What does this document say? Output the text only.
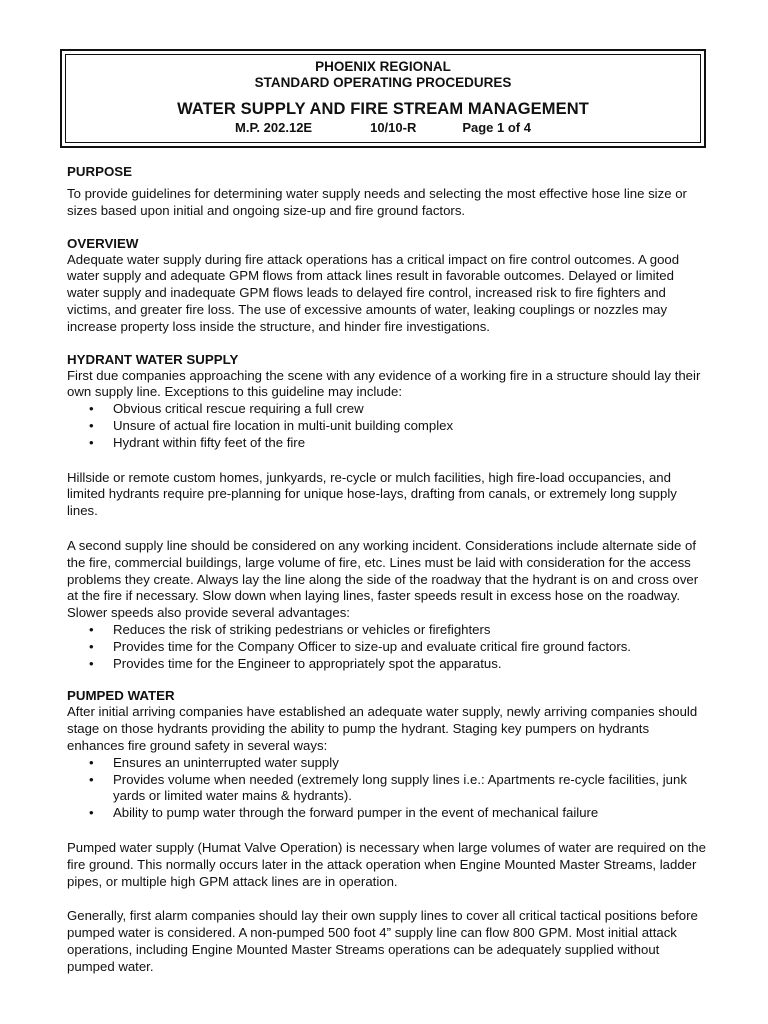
PHOENIX REGIONAL
STANDARD OPERATING PROCEDURES
WATER SUPPLY AND FIRE STREAM MANAGEMENT
M.P. 202.12E	10/10-R	Page 1 of 4
PURPOSE

To provide guidelines for determining water supply needs and selecting the most effective hose line size or sizes based upon initial and ongoing size-up and fire ground factors.

OVERVIEW

Adequate water supply during fire attack operations has a critical impact on fire control outcomes. A good water supply and adequate GPM flows from attack lines result in favorable outcomes. Delayed or limited water supply and inadequate GPM flows leads to delayed fire control, increased risk to fire fighters and victims, and greater fire loss. The use of excessive amounts of water, leaking couplings or nozzles may increase property loss inside the structure, and hinder fire investigations.

HYDRANT WATER SUPPLY

First due companies approaching the scene with any evidence of a working fire in a structure should lay their own supply line. Exceptions to this guideline may include:

• Obvious critical rescue requiring a full crew
• Unsure of actual fire location in multi-unit building complex
• Hydrant within fifty feet of the fire

Hillside or remote custom homes, junkyards, re-cycle or mulch facilities, high fire-load occupancies, and limited hydrants require pre-planning for unique hose-lays, drafting from canals, or extremely long supply lines.

A second supply line should be considered on any working incident. Considerations include alternate side of the fire, commercial buildings, large volume of fire, etc. Lines must be laid with consideration for the access problems they create. Always lay the line along the side of the roadway that the hydrant is on and cross over at the fire if necessary. Slow down when laying lines, faster speeds result in excess hose on the roadway. Slower speeds also provide several advantages:

• Reduces the risk of striking pedestrians or vehicles or firefighters
• Provides time for the Company Officer to size-up and evaluate critical fire ground factors.
• Provides time for the Engineer to appropriately spot the apparatus.
PUMPED WATER

After initial arriving companies have established an adequate water supply, newly arriving companies should stage on those hydrants providing the ability to pump the hydrant. Staging key pumpers on hydrants enhances fire ground safety in several ways:

• Ensures an uninterrupted water supply
• Provides volume when needed (extremely long supply lines i.e.: Apartments re-cycle facilities, junk yards or limited water mains & hydrants).
• Ability to pump water through the forward pumper in the event of mechanical failure

Pumped water supply (Humat Valve Operation) is necessary when large volumes of water are required on the fire ground. This normally occurs later in the attack operation when Engine Mounted Master Streams, ladder pipes, or multiple high GPM attack lines are in operation.

Generally, first alarm companies should lay their own supply lines to cover all critical tactical positions before pumped water is considered. A non-pumped 500 foot 4” supply line can flow 800 GPM. Most initial attack operations, including Engine Mounted Master Streams operations can be adequately supplied without pumped water.
